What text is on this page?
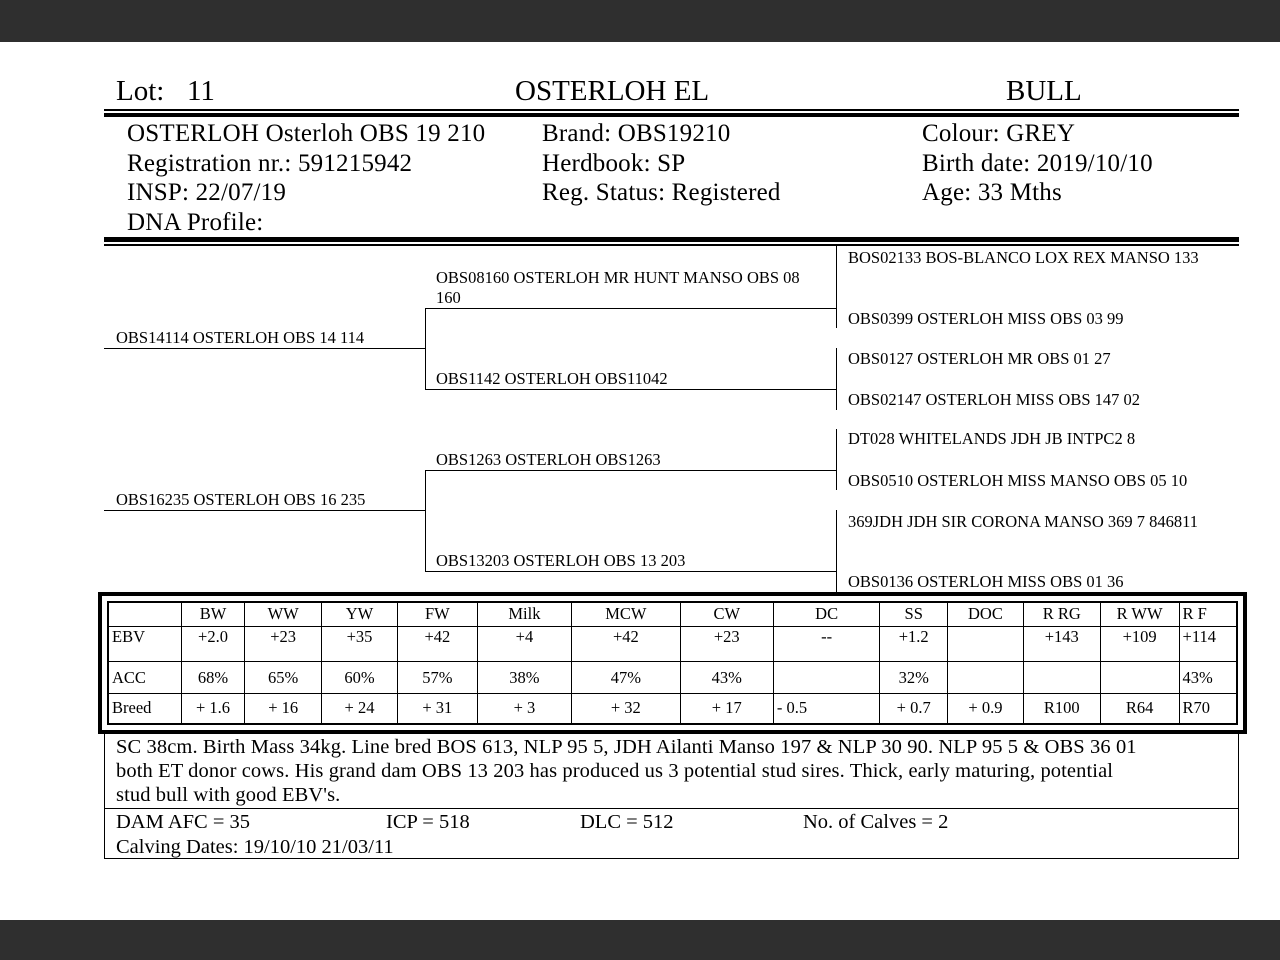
Lot: 11	OSTERLOH EL	BULL
OSTERLOH Osterloh OBS 19 210
Registration nr.: 591215942
INSP: 22/07/19
DNA Profile:
Brand: OBS19210
Herdbook: SP
Reg. Status: Registered
Colour: GREY
Birth date: 2019/10/10
Age: 33 Mths
OBS14114 OSTERLOH OBS 14 114
OBS16235 OSTERLOH OBS 16 235
OBS08160 OSTERLOH MR HUNT MANSO OBS 08 160
OBS1142 OSTERLOH OBS11042
OBS1263 OSTERLOH OBS1263
OBS13203 OSTERLOH OBS 13 203
BOS02133 BOS-BLANCO LOX REX MANSO 133
OBS0399 OSTERLOH MISS OBS 03 99
OBS0127 OSTERLOH MR OBS 01 27
OBS02147 OSTERLOH MISS OBS 147 02
DT028 WHITELANDS JDH JB INTPC2 8
OBS0510 OSTERLOH MISS MANSO OBS 05 10
369JDH JDH SIR CORONA MANSO 369 7 846811
OBS0136 OSTERLOH MISS OBS 01 36
	BW	WW	YW	FW	Milk	MCW	CW	DC	SS	DOC	R RG	R WW	R F
EBV	+2.0	+23	+35	+42	+4	+42	+23	--	+1.2		+143	+109	+114
ACC	68%	65%	60%	57%	38%	47%	43%		32%				43%
Breed	+ 1.6	+ 16	+ 24	+ 31	+ 3	+ 32	+ 17	- 0.5	+ 0.7	+ 0.9	R100	R64	R70
SC 38cm. Birth Mass 34kg. Line bred BOS 613, NLP 95 5, JDH Ailanti Manso 197 & NLP 30 90. NLP 95 5 & OBS 36 01
both ET donor cows. His grand dam OBS 13 203 has produced us 3 potential stud sires. Thick, early maturing, potential
stud bull with good EBV's.
DAM AFC = 35	ICP = 518	DLC = 512	No. of Calves = 2
Calving Dates: 19/10/10 21/03/11
